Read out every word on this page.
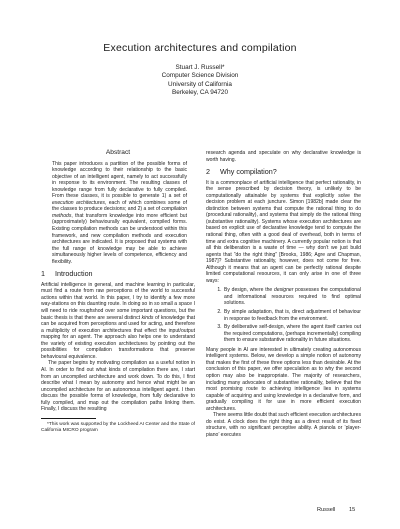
Execution architectures and compilation
Stuart J. Russell*
Computer Science Division
University of California
Berkeley, CA 94720
Abstract

This paper introduces a partition of the possible forms of knowledge according to their relationship to the basic objective of an intelligent agent, namely to act successfully in response to its environment. The resulting classes of knowledge range from fully declarative to fully compiled. From these classes, it is possible to generate 1) a set of execution architectures, each of which combines some of the classes to produce decisions; and 2) a set of compilation methods, that transform knowledge into more efficient but (approximately) behaviourally equivalent, compiled forms. Existing compilation methods can be understood within this framework, and new compilation methods and execution architectures are indicated. It is proposed that systems with the full range of knowledge may be able to achieve simultaneously higher levels of competence, efficiency and flexibility.

1 Introduction

Artificial intelligence in general, and machine learning in particular, must find a route from raw perceptions of the world to successful actions within that world. In this paper, I try to identify a few more way-stations on this daunting route. In doing so in so small a space I will need to ride roughshod over some important questions, but the basic thesis is that there are several distinct kinds of knowledge that can be acquired from perceptions and used for acting, and therefore a multiplicity of execution architectures that effect the input/output mapping for an agent. The approach also helps one to understand the variety of existing execution architectures by pointing out the possibilities for compilation transformations that preserve behavioural equivalence.

The paper begins by motivating compilation as a useful notion in AI. In order to find out what kinds of compilation there are, I start from an uncompiled architecture and work down. To do this, I first describe what I mean by autonomy and hence what might be an uncompiled architecture for an autonomous intelligent agent. I then discuss the possible forms of knowledge, from fully declarative to fully compiled, and map out the compilation paths linking them. Finally, I discuss the resulting

*This work was supported by the Lockheed AI Center and the State of California MICRO program

research agenda and speculate on why declarative knowledge is worth having.

2 Why compilation?

It is a commonplace of artificial intelligence that perfect rationality, in the sense prescribed by decision theory, is unlikely to be computationally attainable by systems that explicitly solve the decision problem at each juncture. Simon [1982b] made clear the distinction between systems that compute the rational thing to do (procedural rationality), and systems that simply do the rational thing (substantive rationality). Systems whose execution architectures are based on explicit use of declarative knowledge tend to compute the rational thing, often with a good deal of overhead, both in terms of time and extra cognitive machinery. A currently popular notion is that all this deliberation is a waste of time — why don't we just build agents that “do the right thing” [Brooks, 1986; Agre and Chapman, 1987]? Substantive rationality, however, does not come for free. Although it means that an agent can be perfectly rational despite limited computational resources, it can only arise in one of three ways:

1. By design, where the designer possesses the computational and informational resources required to find optimal solutions.
2. By simple adaptation, that is, direct adjustment of behaviour in response to feedback from the environment.
3. By deliberative self-design, where the agent itself carries out the required computations, (perhaps incrementally) compiling them to ensure substantive rationality in future situations.

Many people in AI are interested in ultimately creating autonomous intelligent systems. Below, we develop a simple notion of autonomy that makes the first of these three options less than desirable. At the conclusion of this paper, we offer speculation as to why the second option may also be inappropriate. The majority of researchers, including many advocates of substantive rationality, believe that the most promising route to achieving intelligence lies in systems capable of acquiring and using knowledge in a declarative form, and gradually compiling it for use in more efficient execution architectures.

There seems little doubt that such efficient execution architectures do exist. A clock does the right thing as a direct result of its fixed structure, with no significant perceptive ability. A pianola or ‘player-piano’ executes

Russell 15
